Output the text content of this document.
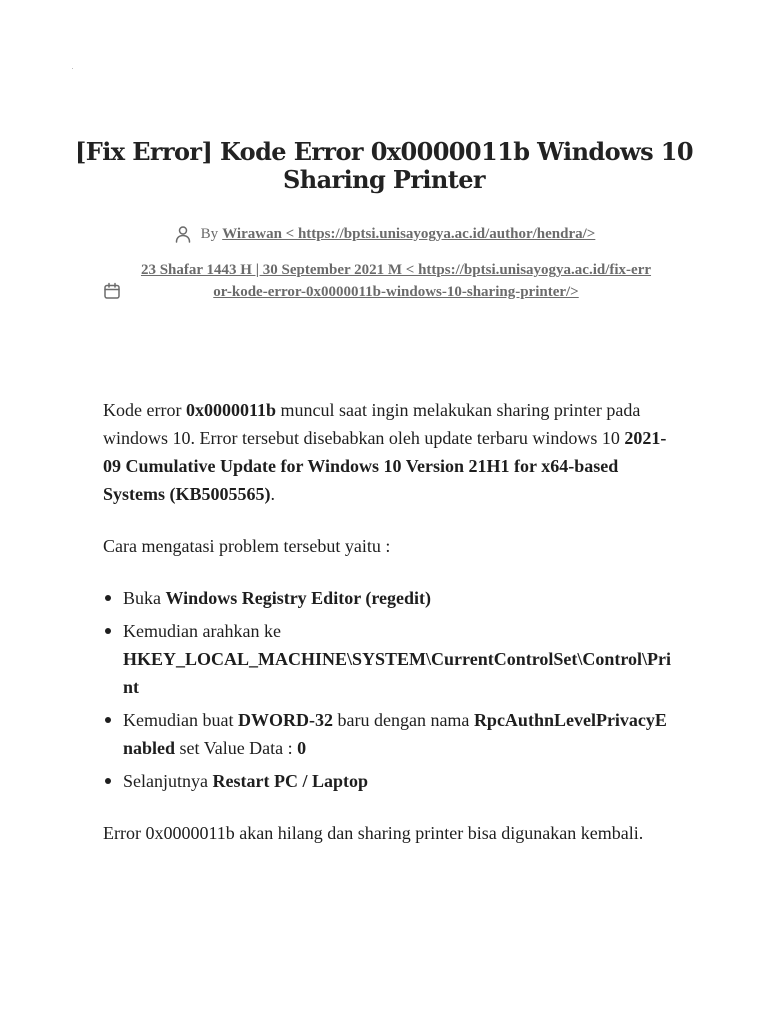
[Fix Error] Kode Error 0x0000011b Windows 10 Sharing Printer
By Wirawan < https://bptsi.unisayogya.ac.id/author/hendra/>
23 Shafar 1443 H | 30 September 2021 M < https://bptsi.unisayogya.ac.id/fix-error-kode-error-0x0000011b-windows-10-sharing-printer/>

Kode error 0x0000011b muncul saat ingin melakukan sharing printer pada windows 10. Error tersebut disebabkan oleh update terbaru windows 10 2021-09 Cumulative Update for Windows 10 Version 21H1 for x64-based Systems (KB5005565).

Cara mengatasi problem tersebut yaitu :

Buka Windows Registry Editor (regedit)
Kemudian arahkan ke
HKEY_LOCAL_MACHINE\SYSTEM\CurrentControlSet\Control\Print
Kemudian buat DWORD-32 baru dengan nama RpcAuthnLevelPrivacyEnabled set Value Data : 0
Selanjutnya Restart PC / Laptop

Error 0x0000011b akan hilang dan sharing printer bisa digunakan kembali.
